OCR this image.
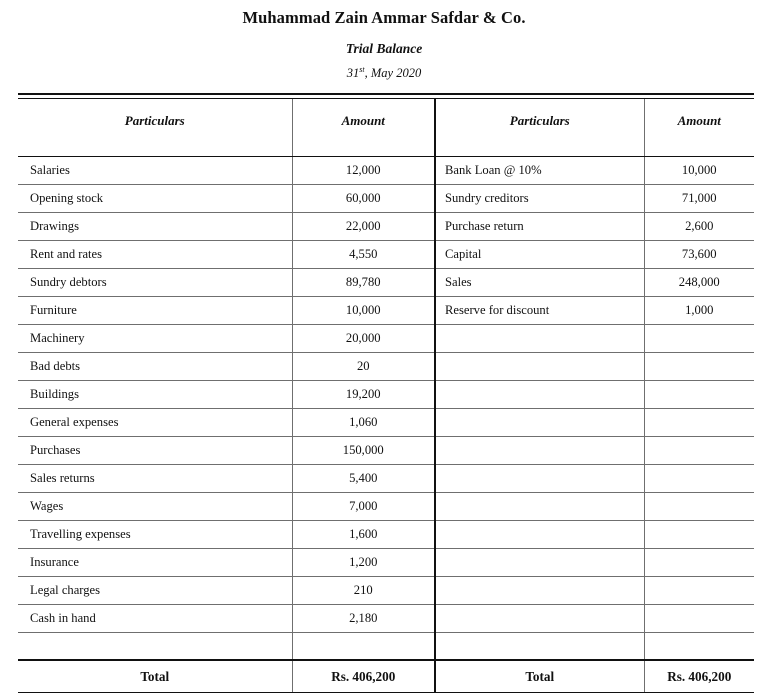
Muhammad Zain Ammar Safdar & Co.
Trial Balance
31st, May 2020

Particulars	Amount	Particulars	Amount
Salaries	12,000	Bank Loan @ 10%	10,000
Opening stock	60,000	Sundry creditors	71,000
Drawings	22,000	Purchase return	2,600
Rent and rates	4,550	Capital	73,600
Sundry debtors	89,780	Sales	248,000
Furniture	10,000	Reserve for discount	1,000
Machinery	20,000		
Bad debts	20		
Buildings	19,200		
General expenses	1,060		
Purchases	150,000		
Sales returns	5,400		
Wages	7,000		
Travelling expenses	1,600		
Insurance	1,200		
Legal charges	210		
Cash in hand	2,180		

Total	Rs. 406,200	Total	Rs. 406,200
